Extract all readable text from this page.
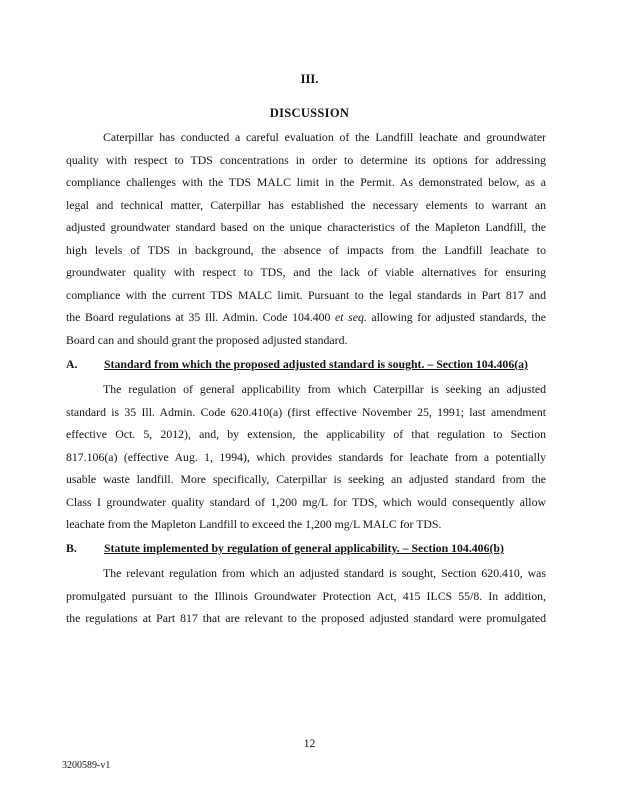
III.
DISCUSSION
Caterpillar has conducted a careful evaluation of the Landfill leachate and groundwater
quality with respect to TDS concentrations in order to determine its options for addressing
compliance challenges with the TDS MALC limit in the Permit. As demonstrated below, as a
legal and technical matter, Caterpillar has established the necessary elements to warrant an
adjusted groundwater standard based on the unique characteristics of the Mapleton Landfill, the
high levels of TDS in background, the absence of impacts from the Landfill leachate to
groundwater quality with respect to TDS, and the lack of viable alternatives for ensuring
compliance with the current TDS MALC limit. Pursuant to the legal standards in Part 817 and
the Board regulations at 35 Ill. Admin. Code 104.400 et seq. allowing for adjusted standards, the
Board can and should grant the proposed adjusted standard.
A. Standard from which the proposed adjusted standard is sought. – Section 104.406(a)
The regulation of general applicability from which Caterpillar is seeking an adjusted
standard is 35 Ill. Admin. Code 620.410(a) (first effective November 25, 1991; last amendment
effective Oct. 5, 2012), and, by extension, the applicability of that regulation to Section
817.106(a) (effective Aug. 1, 1994), which provides standards for leachate from a potentially
usable waste landfill. More specifically, Caterpillar is seeking an adjusted standard from the
Class I groundwater quality standard of 1,200 mg/L for TDS, which would consequently allow
leachate from the Mapleton Landfill to exceed the 1,200 mg/L MALC for TDS.
B. Statute implemented by regulation of general applicability. – Section 104.406(b)
The relevant regulation from which an adjusted standard is sought, Section 620.410, was
promulgated pursuant to the Illinois Groundwater Protection Act, 415 ILCS 55/8. In addition,
the regulations at Part 817 that are relevant to the proposed adjusted standard were promulgated
12
3200589-v1
